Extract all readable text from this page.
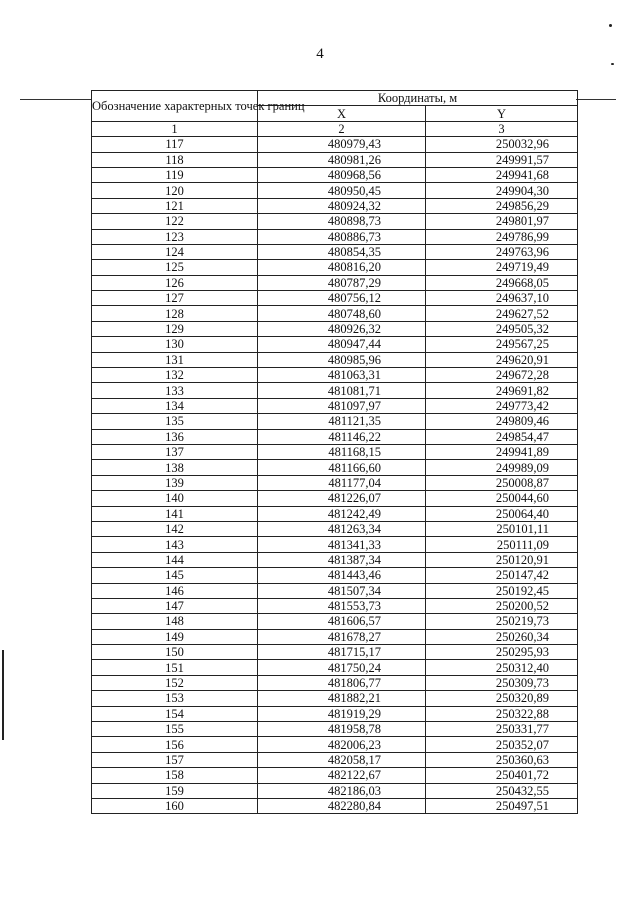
4
Обозначение характерных точек границ	Координаты, м	
	X	Y
1	2	3
117	480979,43	250032,96
118	480981,26	249991,57
119	480968,56	249941,68
120	480950,45	249904,30
121	480924,32	249856,29
122	480898,73	249801,97
123	480886,73	249786,99
124	480854,35	249763,96
125	480816,20	249719,49
126	480787,29	249668,05
127	480756,12	249637,10
128	480748,60	249627,52
129	480926,32	249505,32
130	480947,44	249567,25
131	480985,96	249620,91
132	481063,31	249672,28
133	481081,71	249691,82
134	481097,97	249773,42
135	481121,35	249809,46
136	481146,22	249854,47
137	481168,15	249941,89
138	481166,60	249989,09
139	481177,04	250008,87
140	481226,07	250044,60
141	481242,49	250064,40
142	481263,34	250101,11
143	481341,33	250111,09
144	481387,34	250120,91
145	481443,46	250147,42
146	481507,34	250192,45
147	481553,73	250200,52
148	481606,57	250219,73
149	481678,27	250260,34
150	481715,17	250295,93
151	481750,24	250312,40
152	481806,77	250309,73
153	481882,21	250320,89
154	481919,29	250322,88
155	481958,78	250331,77
156	482006,23	250352,07
157	482058,17	250360,63
158	482122,67	250401,72
159	482186,03	250432,55
160	482280,84	250497,51
